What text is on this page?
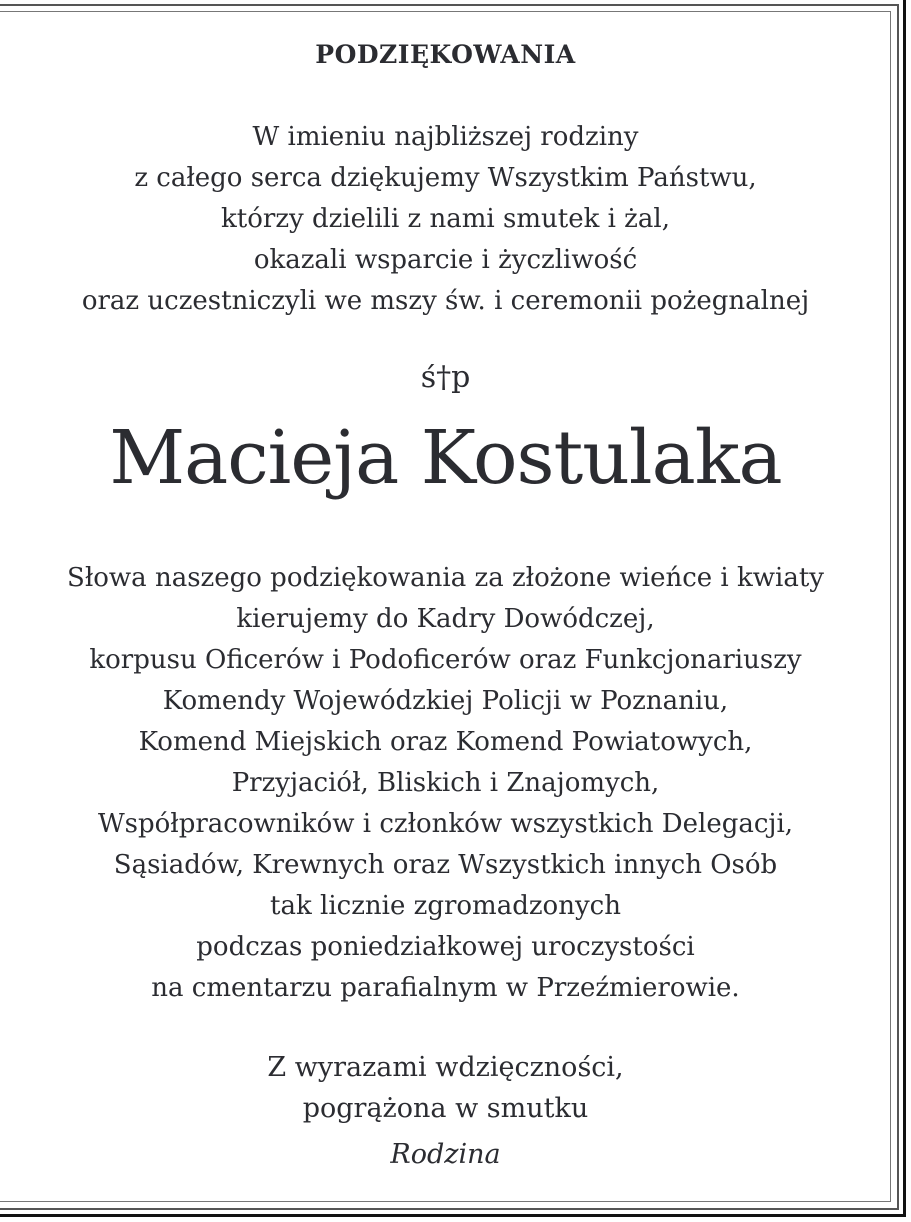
PODZIĘKOWANIA
W imieniu najbliższej rodziny
z całego serca dziękujemy Wszystkim Państwu,
którzy dzielili z nami smutek i żal,
okazali wsparcie i życzliwość
oraz uczestniczyli we mszy św. i ceremonii pożegnalnej
ś†p
Macieja Kostulaka
Słowa naszego podziękowania za złożone wieńce i kwiaty
kierujemy do Kadry Dowódczej,
korpusu Oficerów i Podoficerów oraz Funkcjonariuszy
Komendy Wojewódzkiej Policji w Poznaniu,
Komend Miejskich oraz Komend Powiatowych,
Przyjaciół, Bliskich i Znajomych,
Współpracowników i członków wszystkich Delegacji,
Sąsiadów, Krewnych oraz Wszystkich innych Osób
tak licznie zgromadzonych
podczas poniedziałkowej uroczystości
na cmentarzu parafialnym w Przeźmierowie.
Z wyrazami wdzięczności,
pogrążona w smutku
Rodzina
